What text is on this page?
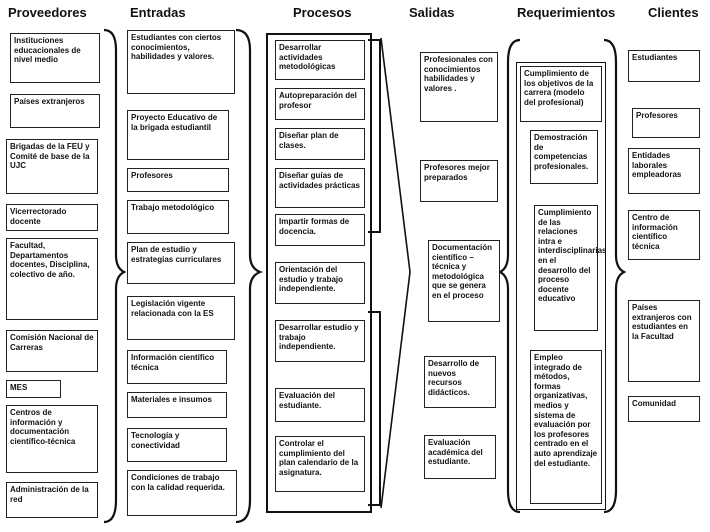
Proveedores	Entradas	Procesos	Salidas	Requerimientos	Clientes
Instituciones educacionales de nivel medio
Países extranjeros
Brigadas de la FEU y Comité de base de la UJC
Vicerrectorado docente
Facultad, Departamentos docentes, Disciplina, colectivo de año.
Comisión Nacional de Carreras
MES
Centros de información y documentación científico-técnica
Administración de la red
Estudiantes con ciertos conocimientos, habilidades y valores.
Proyecto Educativo de la brigada estudiantil
Profesores
Trabajo metodológico
Plan de estudio y estrategias curriculares
Legislación vigente relacionada con la ES
Información científico técnica
Materiales e insumos
Tecnología y conectividad
Condiciones de trabajo con la calidad requerida.
Desarrollar actividades metodológicas
Autopreparación del profesor
Diseñar plan de clases.
Diseñar guías de actividades prácticas
Impartir formas de docencia.
Orientación del estudio y trabajo independiente.
Desarrollar estudio y trabajo independiente.
Evaluación del estudiante.
Controlar el cumplimiento del plan calendario de la asignatura.
Profesionales con conocimientos habilidades y valores .
Profesores mejor preparados
Documentación científico – técnica y metodológica que se genera en el proceso
Desarrollo de nuevos recursos didácticos.
Evaluación académica del estudiante.
Cumplimiento de los objetivos de la carrera (modelo del profesional)
Demostración de competencias profesionales.
Cumplimiento de las relaciones intra e interdisciplinarias en el desarrollo del proceso docente educativo
Empleo integrado de métodos, formas organizativas, medios y sistema de evaluación por los profesores centrado en el auto aprendizaje del estudiante.
Estudiantes
Profesores
Entidades laborales empleadoras
Centro de información científico técnica
Países extranjeros con estudiantes en la Facultad
Comunidad
